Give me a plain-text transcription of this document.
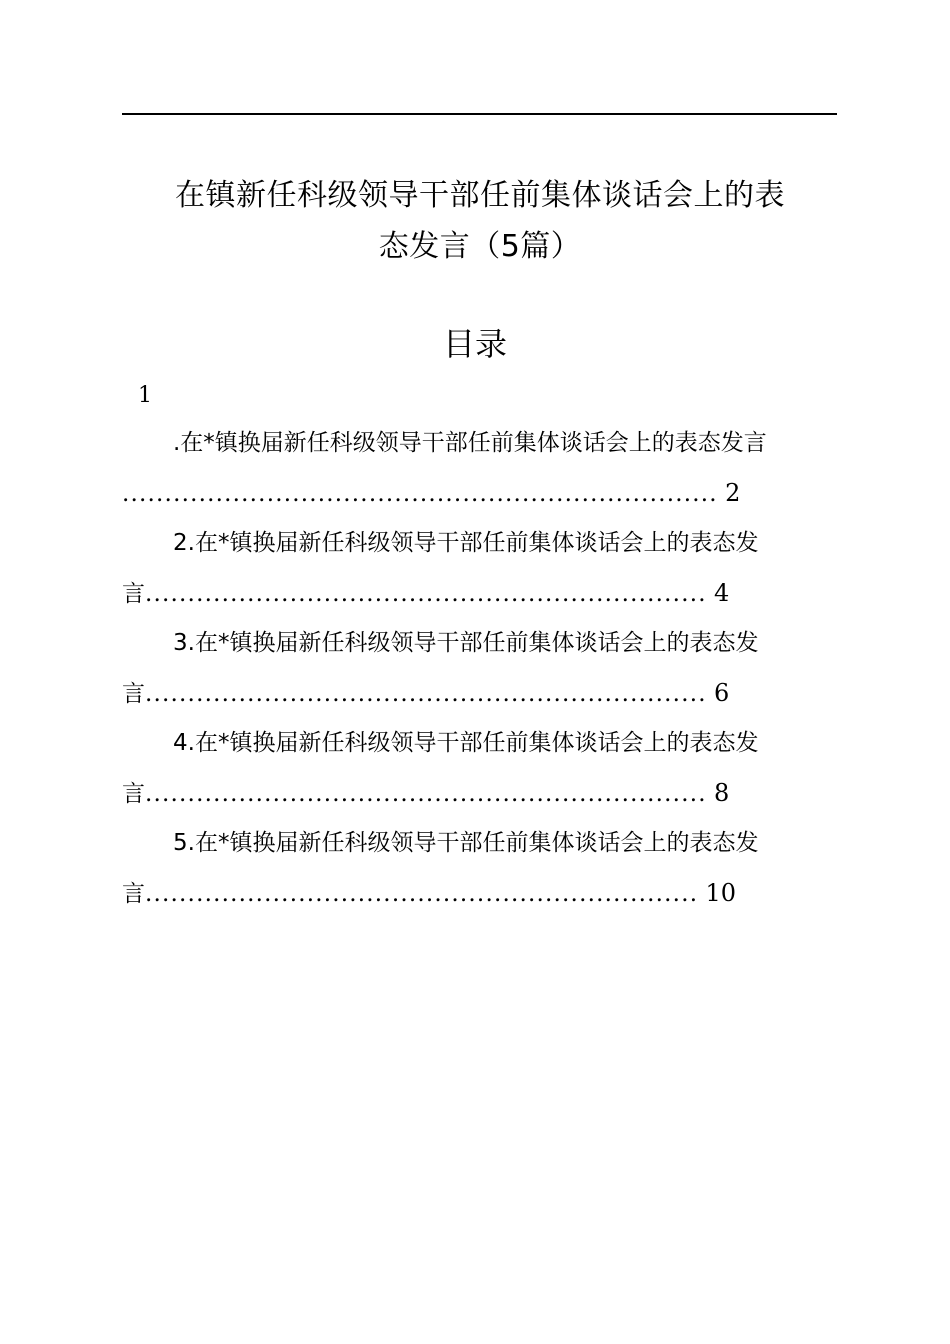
在镇新任科级领导干部任前集体谈话会上的表
态发言（5篇）
目录
1
.在*镇换届新任科级领导干部任前集体谈话会上的表态发言
...................................................................... 2
2.在*镇换届新任科级领导干部任前集体谈话会上的表态发
言.................................................................. 4
3.在*镇换届新任科级领导干部任前集体谈话会上的表态发
言.................................................................. 6
4.在*镇换届新任科级领导干部任前集体谈话会上的表态发
言.................................................................. 8
5.在*镇换届新任科级领导干部任前集体谈话会上的表态发
言................................................................. 10
